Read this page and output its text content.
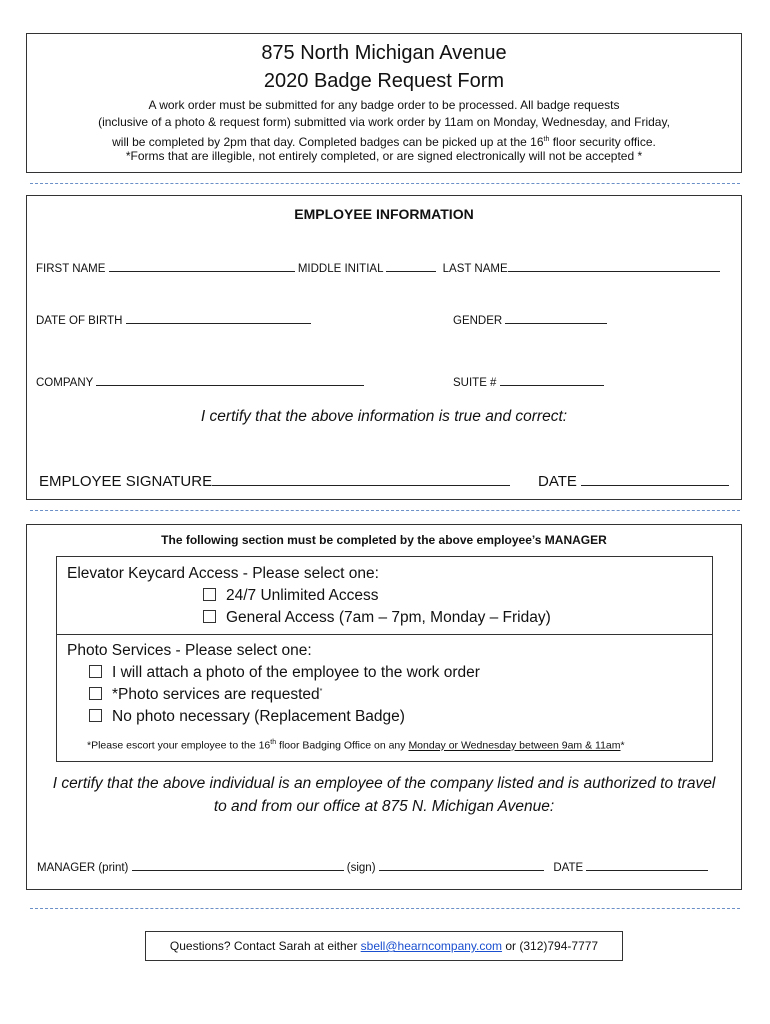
875 North Michigan Avenue
2020 Badge Request Form
A work order must be submitted for any badge order to be processed. All badge requests
(inclusive of a photo & request form) submitted via work order by 11am on Monday, Wednesday, and Friday,
will be completed by 2pm that day. Completed badges can be picked up at the 16th floor security office.
*Forms that are illegible, not entirely completed, or are signed electronically will not be accepted *
EMPLOYEE INFORMATION
FIRST NAME	MIDDLE INITIAL	LAST NAME
DATE OF BIRTH	GENDER
COMPANY	SUITE #
I certify that the above information is true and correct:
EMPLOYEE SIGNATURE	DATE
The following section must be completed by the above employee’s MANAGER
Elevator Keycard Access - Please select one:
24/7 Unlimited Access
General Access (7am – 7pm, Monday – Friday)
Photo Services - Please select one:
I will attach a photo of the employee to the work order
*Photo services are requested*
No photo necessary (Replacement Badge)
*Please escort your employee to the 16th floor Badging Office on any Monday or Wednesday between 9am & 11am*
I certify that the above individual is an employee of the company listed and is authorized to travel
to and from our office at 875 N. Michigan Avenue:
MANAGER (print)	(sign)	DATE
Questions? Contact Sarah at either sbell@hearncompany.com or (312)794-7777
